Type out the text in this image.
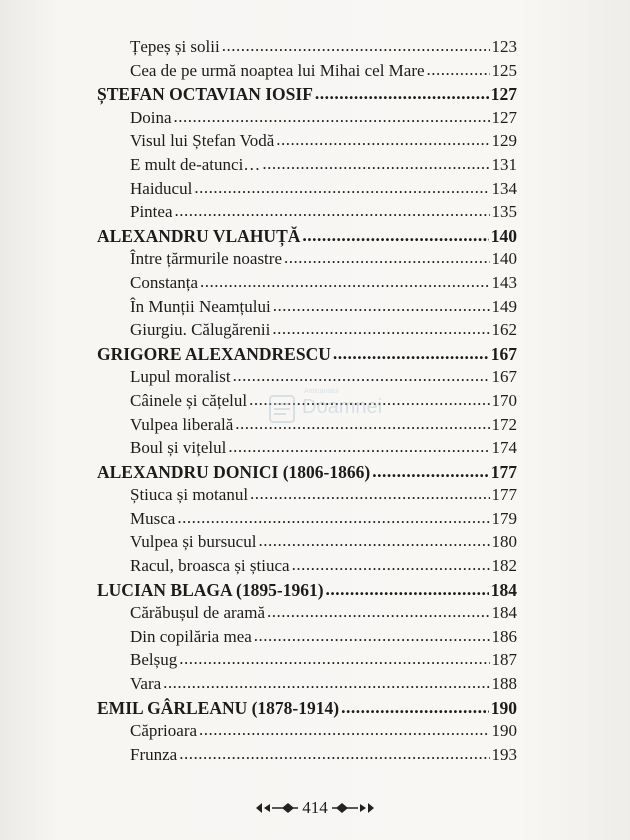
Țepeș și solii .....	123
Cea de pe urmă noaptea lui Mihai cel Mare .....	125
ȘTEFAN OCTAVIAN IOSIF .....	127
Doina .....	127
Visul lui Ștefan Vodă .....	129
E mult de-atunci… .....	131
Haiducul .....	134
Pintea .....	135
ALEXANDRU VLAHUȚĂ .....	140
Între țărmurile noastre .....	140
Constanța .....	143
În Munții Neamțului .....	149
Giurgiu. Călugărenii .....	162
GRIGORE ALEXANDRESCU .....	167
Lupul moralist .....	167
Câinele și cățelul .....	170
Vulpea liberală .....	172
Boul și vițelul .....	174
ALEXANDRU DONICI (1806-1866) .....	177
Știuca și motanul .....	177
Musca .....	179
Vulpea și bursucul .....	180
Racul, broasca și știuca .....	182
LUCIAN BLAGA (1895-1961) .....	184
Cărăbușul de aramă .....	184
Din copilăria mea .....	186
Belșug .....	187
Vara .....	188
EMIL GÂRLEANU (1878-1914) .....	190
Căprioara .....	190
Frunza .....	193
Anticariatul
Doamnei
414
